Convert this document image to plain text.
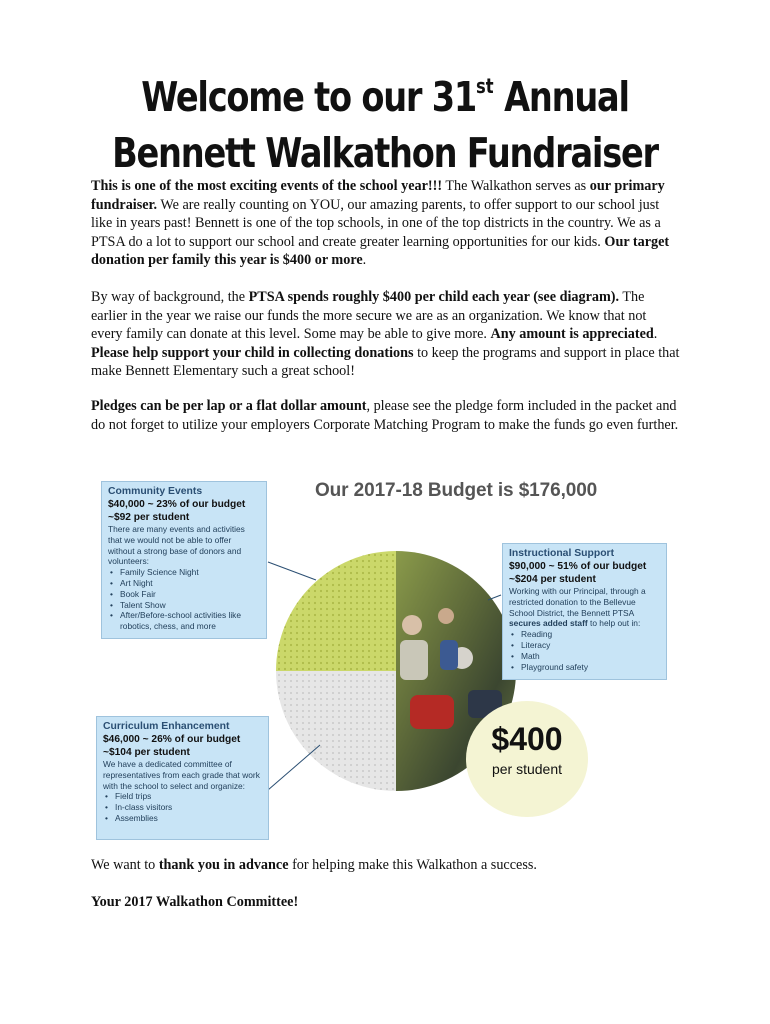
Welcome to our 31st Annual
Bennett Walkathon Fundraiser

This is one of the most exciting events of the school year!!! The Walkathon serves as our primary fundraiser. We are really counting on YOU, our amazing parents, to offer support to our school just like in years past! Bennett is one of the top schools, in one of the top districts in the country. We as a PTSA do a lot to support our school and create greater learning opportunities for our kids. Our target donation per family this year is $400 or more.

By way of background, the PTSA spends roughly $400 per child each year (see diagram). The earlier in the year we raise our funds the more secure we are as an organization. We know that not every family can donate at this level. Some may be able to give more. Any amount is appreciated. Please help support your child in collecting donations to keep the programs and support in place that make Bennett Elementary such a great school!

Pledges can be per lap or a flat dollar amount, please see the pledge form included in the packet and do not forget to utilize your employers Corporate Matching Program to make the funds go even further.

Our 2017-18 Budget is $176,000
Community Events
$40,000 ~ 23% of our budget
~$92 per student
There are many events and activities that we would not be able to offer without a strong base of donors and volunteers:
• Family Science Night
• Art Night
• Book Fair
• Talent Show
• After/Before-school activities like robotics, chess, and more
Instructional Support
$90,000 ~ 51% of our budget
~$204 per student
Working with our Principal, through a restricted donation to the Bellevue School District, the Bennett PTSA secures added staff to help out in:
• Reading
• Literacy
• Math
• Playground safety
Curriculum Enhancement
$46,000 ~ 26% of our budget
~$104 per student
We have a dedicated committee of representatives from each grade that work with the school to select and organize:
• Field trips
• In-class visitors
• Assemblies
$400
per student

We want to thank you in advance for helping make this Walkathon a success.

Your 2017 Walkathon Committee!
